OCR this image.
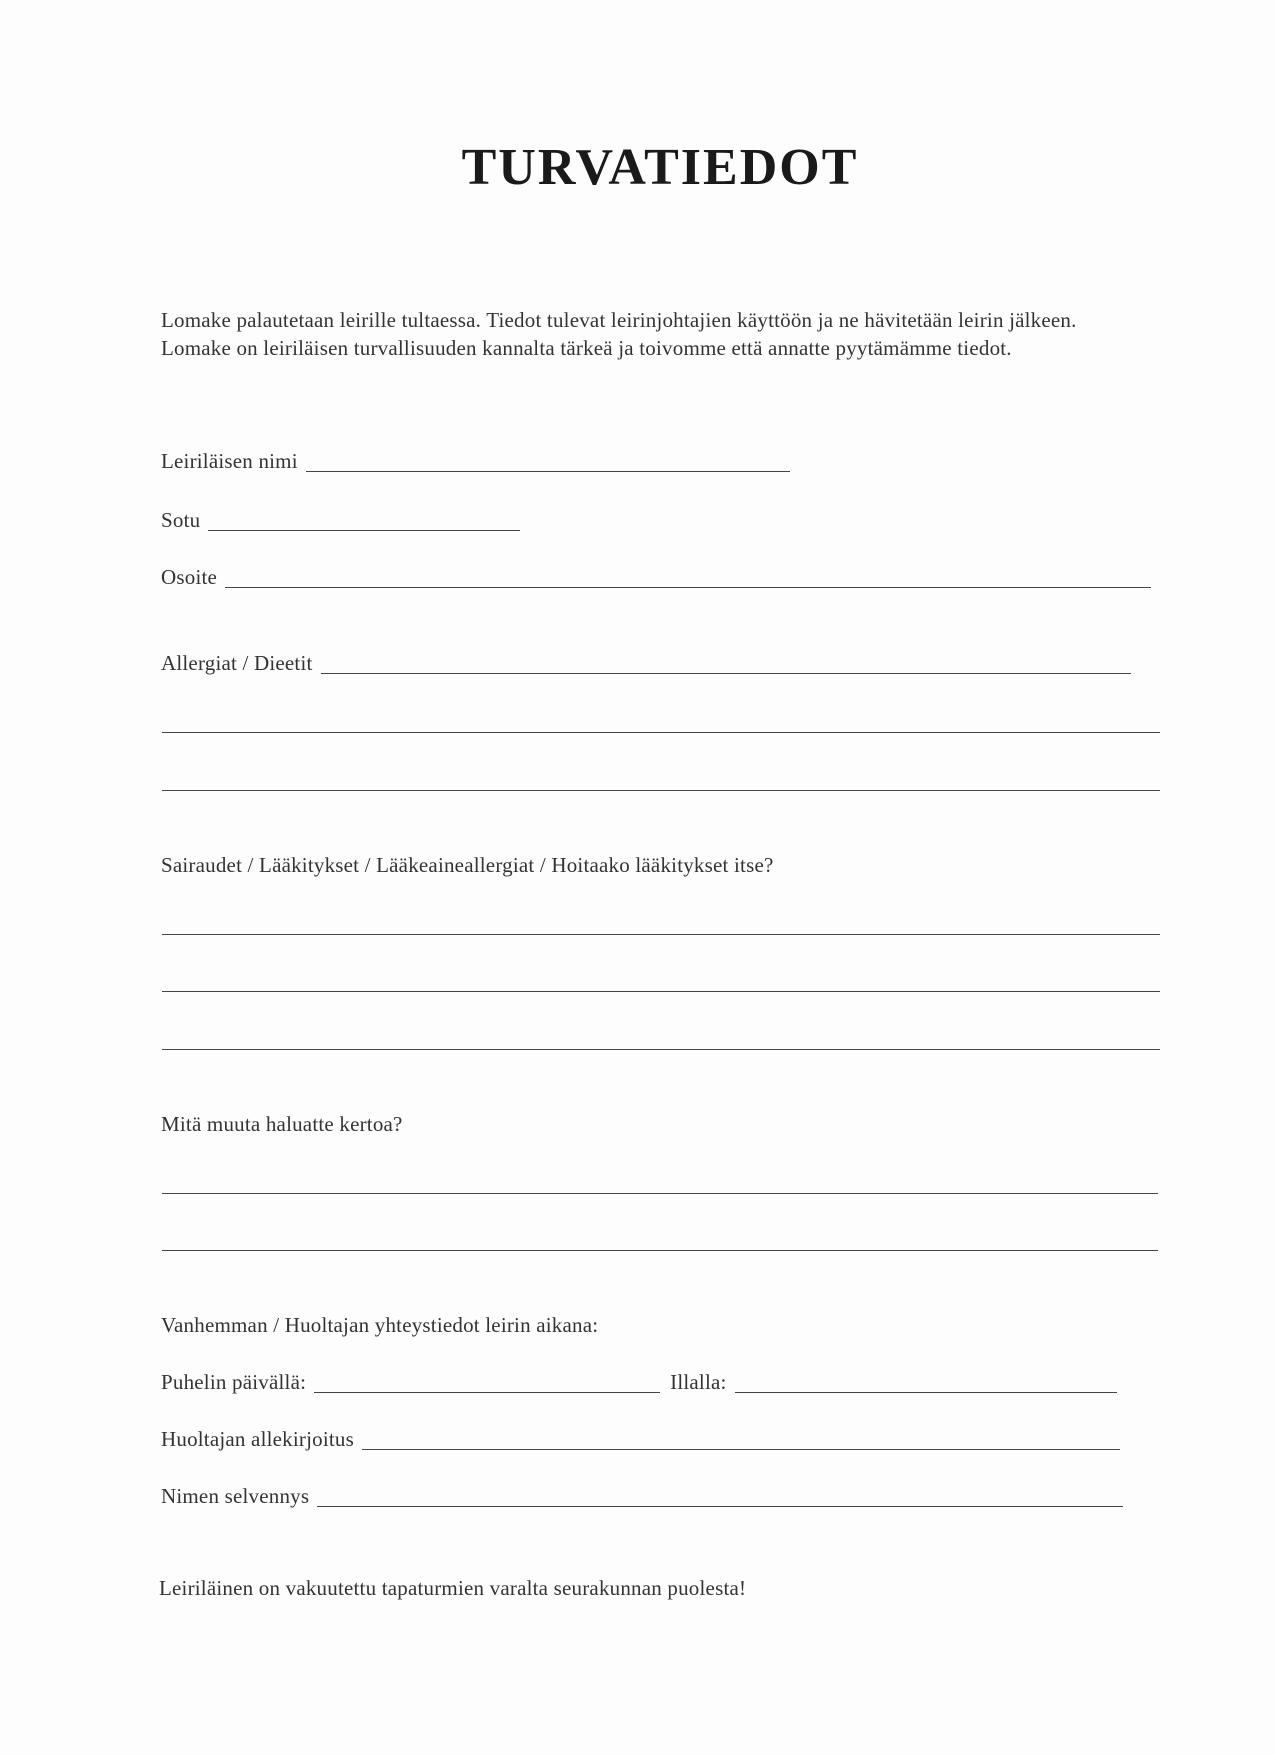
TURVATIEDOT

Lomake palautetaan leirille tultaessa. Tiedot tulevat leirinjohtajien käyttöön ja ne hävitetään leirin jälkeen. Lomake on leiriläisen turvallisuuden kannalta tärkeä ja toivomme että annatte pyytämämme tiedot.

Leiriläisen nimi
Sotu
Osoite
Allergiat / Dieetit
Sairaudet / Lääkitykset / Lääkeaineallergiat / Hoitaako lääkitykset itse?
Mitä muuta haluatte kertoa?
Vanhemman / Huoltajan yhteystiedot leirin aikana:
Puhelin päivällä:	Illalla:
Huoltajan allekirjoitus
Nimen selvennys
Leiriläinen on vakuutettu tapaturmien varalta seurakunnan puolesta!
